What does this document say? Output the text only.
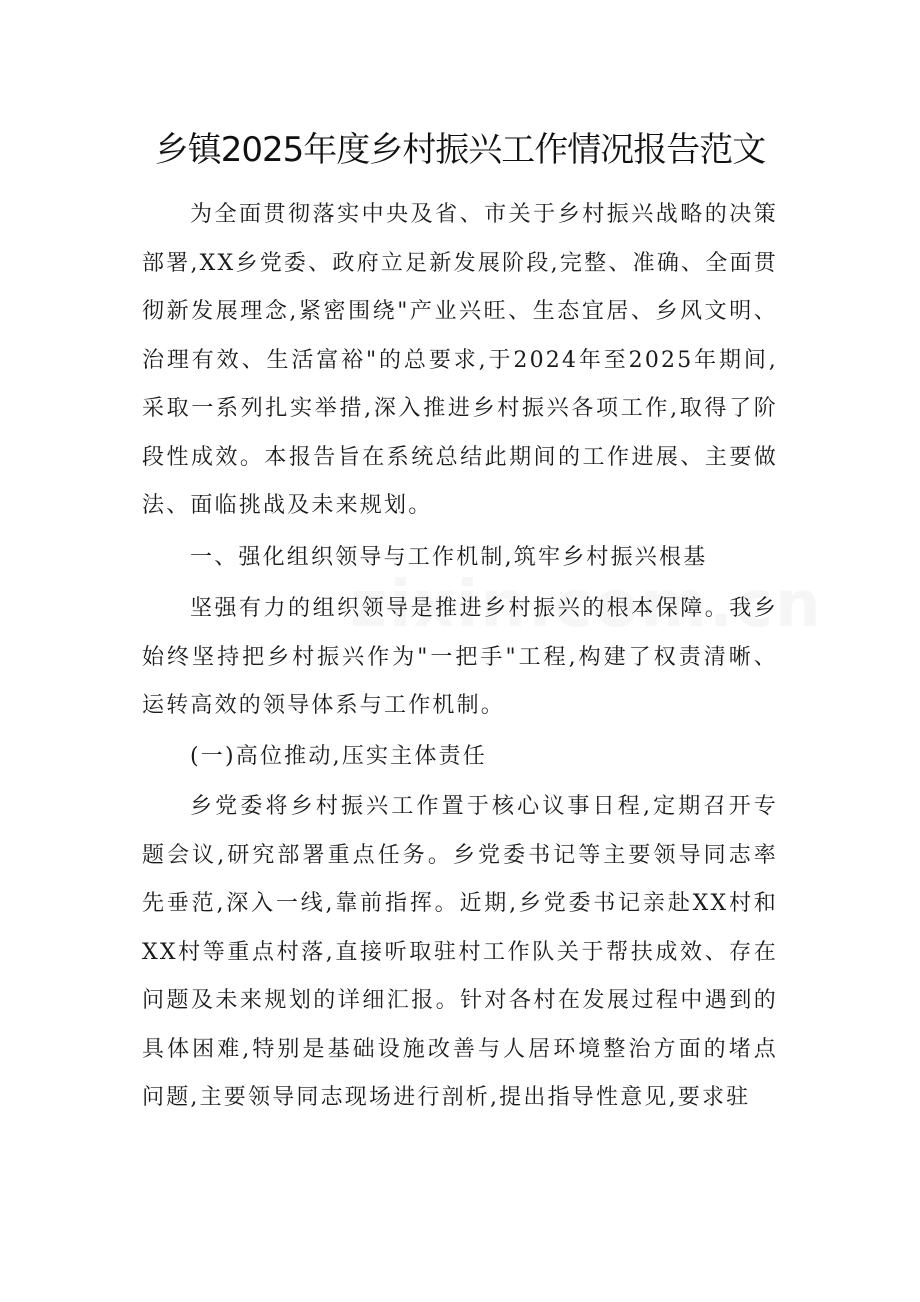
乡镇2025年度乡村振兴工作情况报告范文

为全面贯彻落实中央及省、市关于乡村振兴战略的决策部署,XX乡党委、政府立足新发展阶段,完整、准确、全面贯彻新发展理念,紧密围绕"产业兴旺、生态宜居、乡风文明、治理有效、生活富裕"的总要求,于2024年至2025年期间,采取一系列扎实举措,深入推进乡村振兴各项工作,取得了阶段性成效。本报告旨在系统总结此期间的工作进展、主要做法、面临挑战及未来规划。

一、强化组织领导与工作机制,筑牢乡村振兴根基

坚强有力的组织领导是推进乡村振兴的根本保障。我乡始终坚持把乡村振兴作为"一把手"工程,构建了权责清晰、运转高效的领导体系与工作机制。

(一)高位推动,压实主体责任

乡党委将乡村振兴工作置于核心议事日程,定期召开专题会议,研究部署重点任务。乡党委书记等主要领导同志率先垂范,深入一线,靠前指挥。近期,乡党委书记亲赴XX村和XX村等重点村落,直接听取驻村工作队关于帮扶成效、存在问题及未来规划的详细汇报。针对各村在发展过程中遇到的具体困难,特别是基础设施改善与人居环境整治方面的堵点问题,主要领导同志现场进行剖析,提出指导性意见,要求驻
